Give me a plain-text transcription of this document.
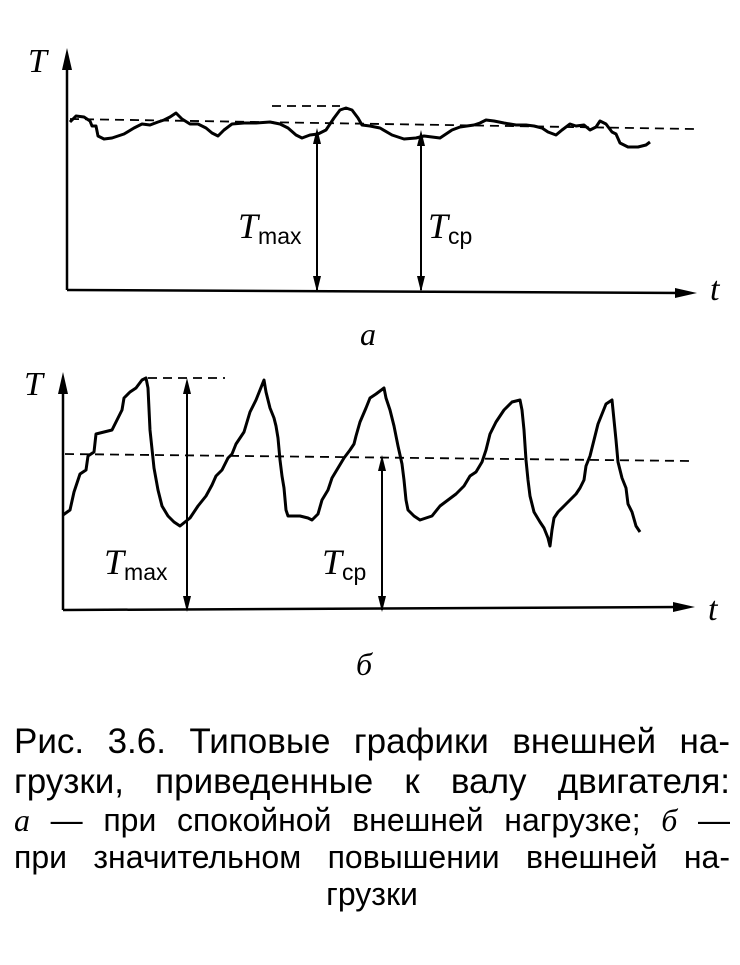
T
t
Tmax	Tср
а
T
t
Tmax	Tср
б

Рис. 3.6. Типовые графики внешней на-

грузки, приведенные к валу двигателя:

а — при спокойной внешней нагрузке; б —

при значительном повышении внешней на-

грузки
